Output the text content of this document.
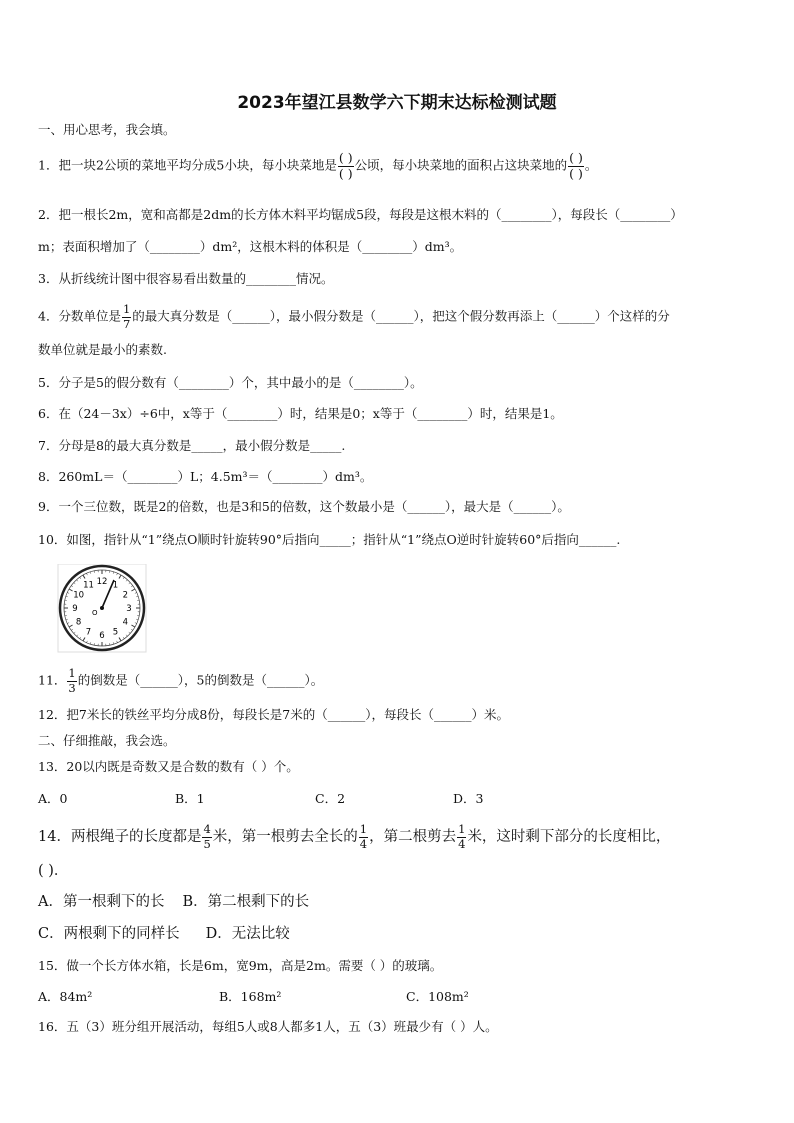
2023年望江县数学六下期末达标检测试题
一、用心思考，我会填。
1．把一块2公顷的菜地平均分成5小块，每小块菜地是 $\frac{( )}{( )}$ 公顷，每小块菜地的面积占这块菜地的 $\frac{( )}{( )}$ 。
2．把一根长2m，宽和高都是2dm的长方体木料平均锯成5段，每段是这根木料的（________），每段长（________）
m；表面积增加了（________）dm²，这根木料的体积是（________）dm³。
3．从折线统计图中很容易看出数量的________情况。
4．分数单位是 $\frac{1}{7}$ 的最大真分数是（______），最小假分数是（______），把这个假分数再添上（______）个这样的分
数单位就是最小的素数.
5．分子是5的假分数有（________）个，其中最小的是（________）。
6．在（24－3x）÷6中，x等于（________）时，结果是0；x等于（________）时，结果是1。
7．分母是8的最大真分数是_____，最小假分数是_____.
8．260mL＝（________）L；4.5m³＝（________）dm³。
9．一个三位数，既是2的倍数，也是3和5的倍数，这个数最小是（______），最大是（______）。
10．如图，指针从“1”绕点O顺时针旋转90°后指向_____；指针从“1”绕点O逆时针旋转60°后指向______.
12 1
2
3
4
5
6
7
8
9
10
11
O
11． $\frac{1}{3}$ 的倒数是（______），5的倒数是（______）。
12．把7米长的铁丝平均分成8份，每段长是7米的（______），每段长（______）米。
二、仔细推敲，我会选。
13．20以内既是奇数又是合数的数有（ ）个。
A．0	B．1	C．2	D．3
14．两根绳子的长度都是 $\frac{4}{5}$ 米，第一根剪去全长的 $\frac{1}{4}$ ，第二根剪去 $\frac{1}{4}$ 米，这时剩下部分的长度相比，
( )．
A．第一根剩下的长 B．第二根剩下的长
C．两根剩下的同样长 D．无法比较
15．做一个长方体水箱，长是6m，宽9m，高是2m。需要（ ）的玻璃。
A．84m²	B．168m²	C．108m²
16．五（3）班分组开展活动，每组5人或8人都多1人，五（3）班最少有（ ）人。
